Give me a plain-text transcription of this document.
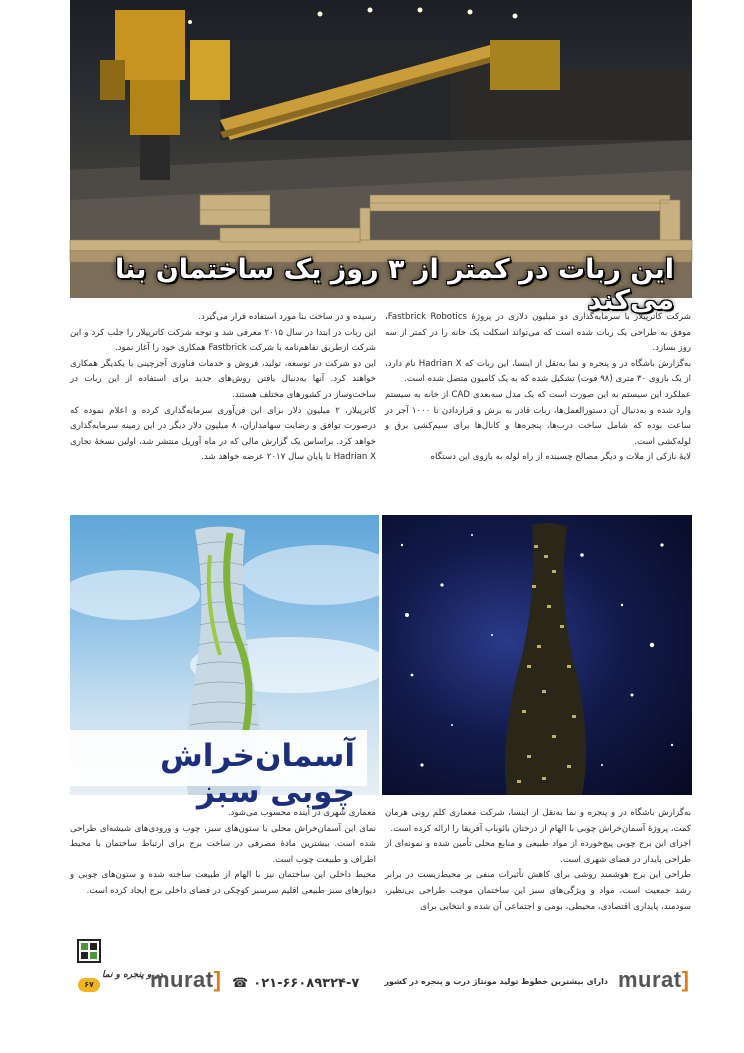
این ربات در کمتر از ۳ روز یک ساختمان بنا می‌کند

شرکت کاترپیلار با سرمایه‌گذاری دو میلیون دلاری در پروژهٔ Fastbrick Robotics، موفق به طراحی یک ربات شده است که می‌تواند اسکلت یک خانه را در کمتر از سه روز بسازد.

به‌گزارش باشگاه در و پنجره و نما به‌نقل از اینسا، این ربات که Hadrian X نام دارد، از یک بازوی ۳۰ متری (۹۸ فوت) تشکیل شده که به یک کامیون متصل شده است.

عملکرد این سیستم به این صورت است که یک مدل سه‌بعدی CAD از خانه به سیستم وارد شده و به‌دنبال آن دستورالعمل‌ها، ربات قادر به برش و قراردادن تا ۱۰۰۰ آجر در ساعت بوده که شامل ساخت درب‌ها، پنجره‌ها و کانال‌ها برای سیم‌کشی برق و لوله‌کشی است.

لایهٔ نازکی از ملات و دیگر مصالح چسبنده از راه لوله به بازوی این دستگاه

رسیده و در ساخت بنا مورد استفاده قرار می‌گیرد.

این ربات در ابتدا در سال ۲۰۱۵ معرفی شد و توجه شرکت کاترپیلار را جلب کرد و این شرکت ازطریق تفاهم‌نامه با شرکت Fastbrick همکاری خود را آغاز نمود.

این دو شرکت در توسعه، تولید، فروش و خدمات فناوری آجرچینی با یکدیگر همکاری خواهند کرد. آنها به‌دنبال یافتن روش‌های جدید برای استفاده از این ربات در ساخت‌وساز در کشورهای مختلف هستند.

کاترپیلار، ۲ میلیون دلار برای این فن‌آوری سرمایه‌گذاری کرده و اعلام نموده که درصورت توافق و رضایت سهامداران، ۸ میلیون دلار دیگر در این زمینه سرمایه‌گذاری خواهد کرد. براساس یک گزارش مالی که در ماه آوریل منتشر شد، اولین نسخهٔ تجاری Hadrian X تا پایان سال ۲۰۱۷ عرضه خواهد شد.

آسمان‌خراش چوبی سبز

به‌گزارش باشگاه در و پنجره و نما به‌نقل از اینسا، شرکت معماری کلم رونی هرمان کمت، پروژهٔ آسمان‌خراش چوبی با الهام از درختان بائوباب آفریقا را ارائه کرده است.

اجزای این برج چوبی پیچ‌خورده از مواد طبیعی و منابع محلی تأمین شده و نمونه‌ای از طراحی پایدار در فضای شهری است.

طراحی این برج هوشمند روشی برای کاهش تأثیرات منفی بر محیط‌زیست در برابر رشد جمعیت است، مواد و ویژگی‌های سبز این ساختمان موجب طراحی بی‌نظیر، سودمند، پایداری اقتصادی، محیطی، بومی و اجتماعی آن شده و انتخابی برای

معماری شهری در آینده محسوب می‌شود.

نمای این آسمان‌خراش محلی با ستون‌های سبز، چوب و ورودی‌های شیشه‌ای طراحی شده است. بیشترین مادهٔ مصرفی در ساخت برج برای ارتباط ساختمان با محیط اطراف و طبیعت چوب است.

محیط داخلی این ساختمان نیز با الهام از طبیعت ساخته شده و ستون‌های چوبی و دیوارهای سبز طبیعی اقلیم سرسبز کوچکی در فضای داخلی برج ایجاد کرده است.

۶۷
در و پنجره و نما
murat] ☎ ۰۲۱-۶۶۰۸۹۳۲۴-۷	دارای بیشترین خطوط تولید مونتاژ درب و پنجره در کشور murat]
